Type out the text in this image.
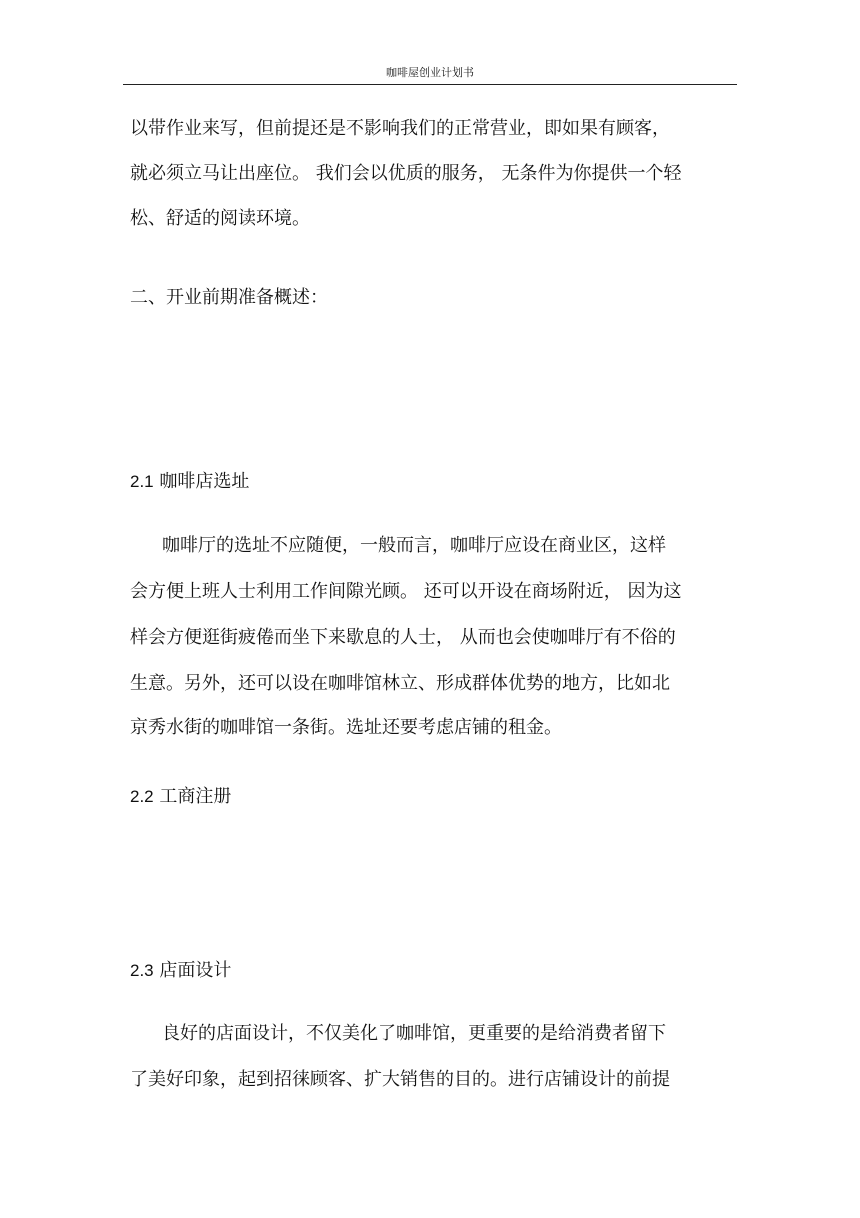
咖啡屋创业计划书
以带作业来写，但前提还是不影响我们的正常营业，即如果有顾客，
就必须立马让出座位。 我们会以优质的服务， 无条件为你提供一个轻
松、舒适的阅读环境。
二、开业前期准备概述：
2.1 咖啡店选址
咖啡厅的选址不应随便，一般而言，咖啡厅应设在商业区，这样
会方便上班人士利用工作间隙光顾。 还可以开设在商场附近， 因为这
样会方便逛街疲倦而坐下来歇息的人士， 从而也会使咖啡厅有不俗的
生意。另外，还可以设在咖啡馆林立、形成群体优势的地方，比如北
京秀水街的咖啡馆一条街。选址还要考虑店铺的租金。
2.2 工商注册
2.3 店面设计
良好的店面设计，不仅美化了咖啡馆，更重要的是给消费者留下
了美好印象，起到招徕顾客、扩大销售的目的。进行店铺设计的前提
